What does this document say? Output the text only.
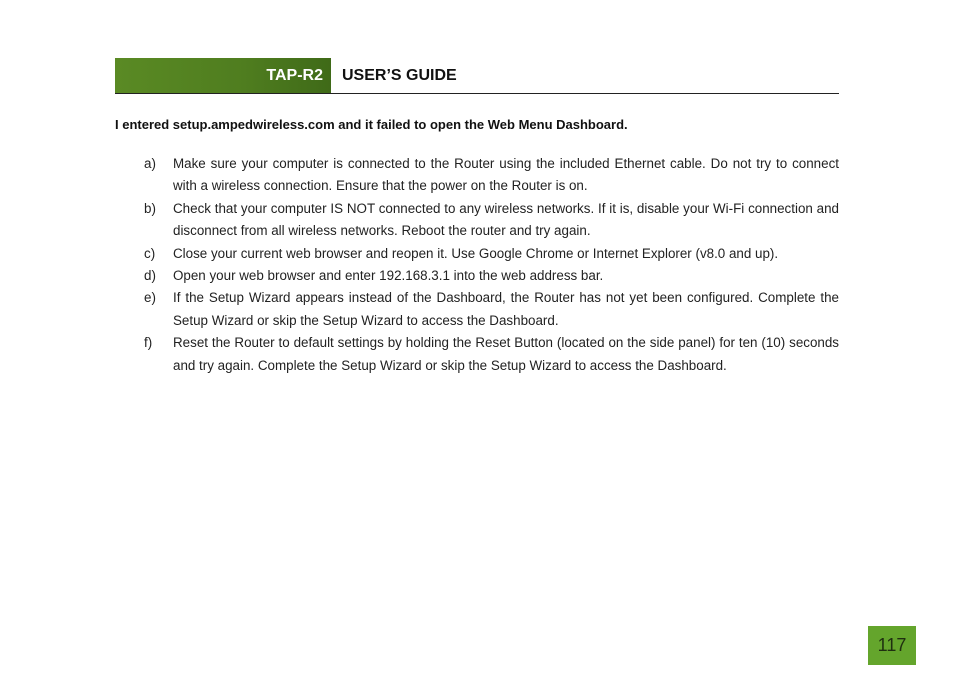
TAP-R2 USER’S GUIDE
I entered setup.ampedwireless.com and it failed to open the Web Menu Dashboard.
a) Make sure your computer is connected to the Router using the included Ethernet cable. Do not try to connect with a wireless connection. Ensure that the power on the Router is on.
b) Check that your computer IS NOT connected to any wireless networks. If it is, disable your Wi-Fi connection and disconnect from all wireless networks. Reboot the router and try again.
c) Close your current web browser and reopen it. Use Google Chrome or Internet Explorer (v8.0 and up).
d) Open your web browser and enter 192.168.3.1 into the web address bar.
e) If the Setup Wizard appears instead of the Dashboard, the Router has not yet been configured. Complete the Setup Wizard or skip the Setup Wizard to access the Dashboard.
f) Reset the Router to default settings by holding the Reset Button (located on the side panel) for ten (10) seconds and try again. Complete the Setup Wizard or skip the Setup Wizard to access the Dashboard.
117
